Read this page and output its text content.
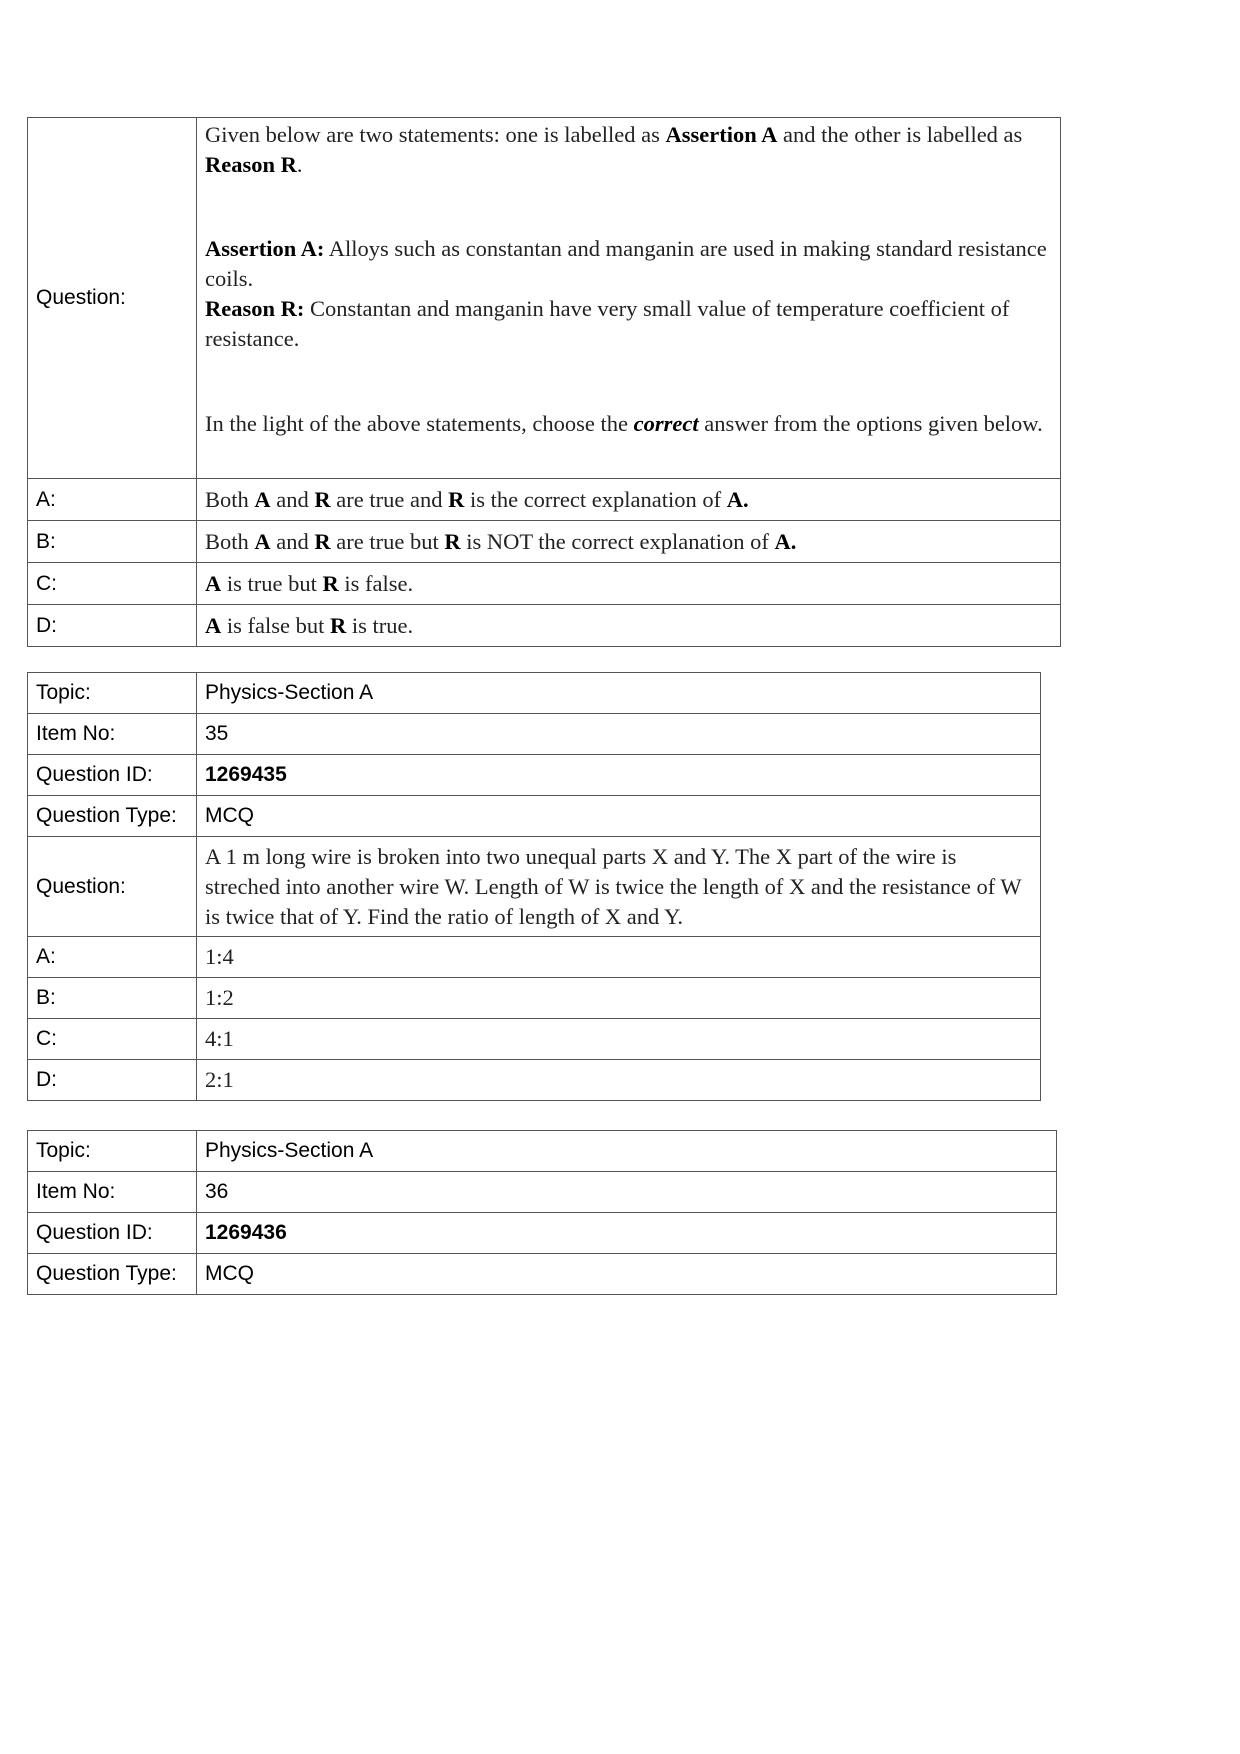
Question:	Given below are two statements: one is labelled as Assertion A and the other is labelled as Reason R.

Assertion A: Alloys such as constantan and manganin are used in making standard resistance coils.

Reason R: Constantan and manganin have very small value of temperature coefficient of resistance.

In the light of the above statements, choose the correct answer from the options given below.

A:	Both A and R are true and R is the correct explanation of A.
B:	Both A and R are true but R is NOT the correct explanation of A.
C:	A is true but R is false.
D:	A is false but R is true.
Topic:	Physics-Section A
Item No:	35
Question ID:	1269435
Question Type:	MCQ
Question:	A 1 m long wire is broken into two unequal parts X and Y. The X part of the wire is streched into another wire W. Length of W is twice the length of X and the resistance of W is twice that of Y. Find the ratio of length of X and Y.
A:	1:4
B:	1:2
C:	4:1
D:	2:1
Topic:	Physics-Section A
Item No:	36
Question ID:	1269436
Question Type:	MCQ
